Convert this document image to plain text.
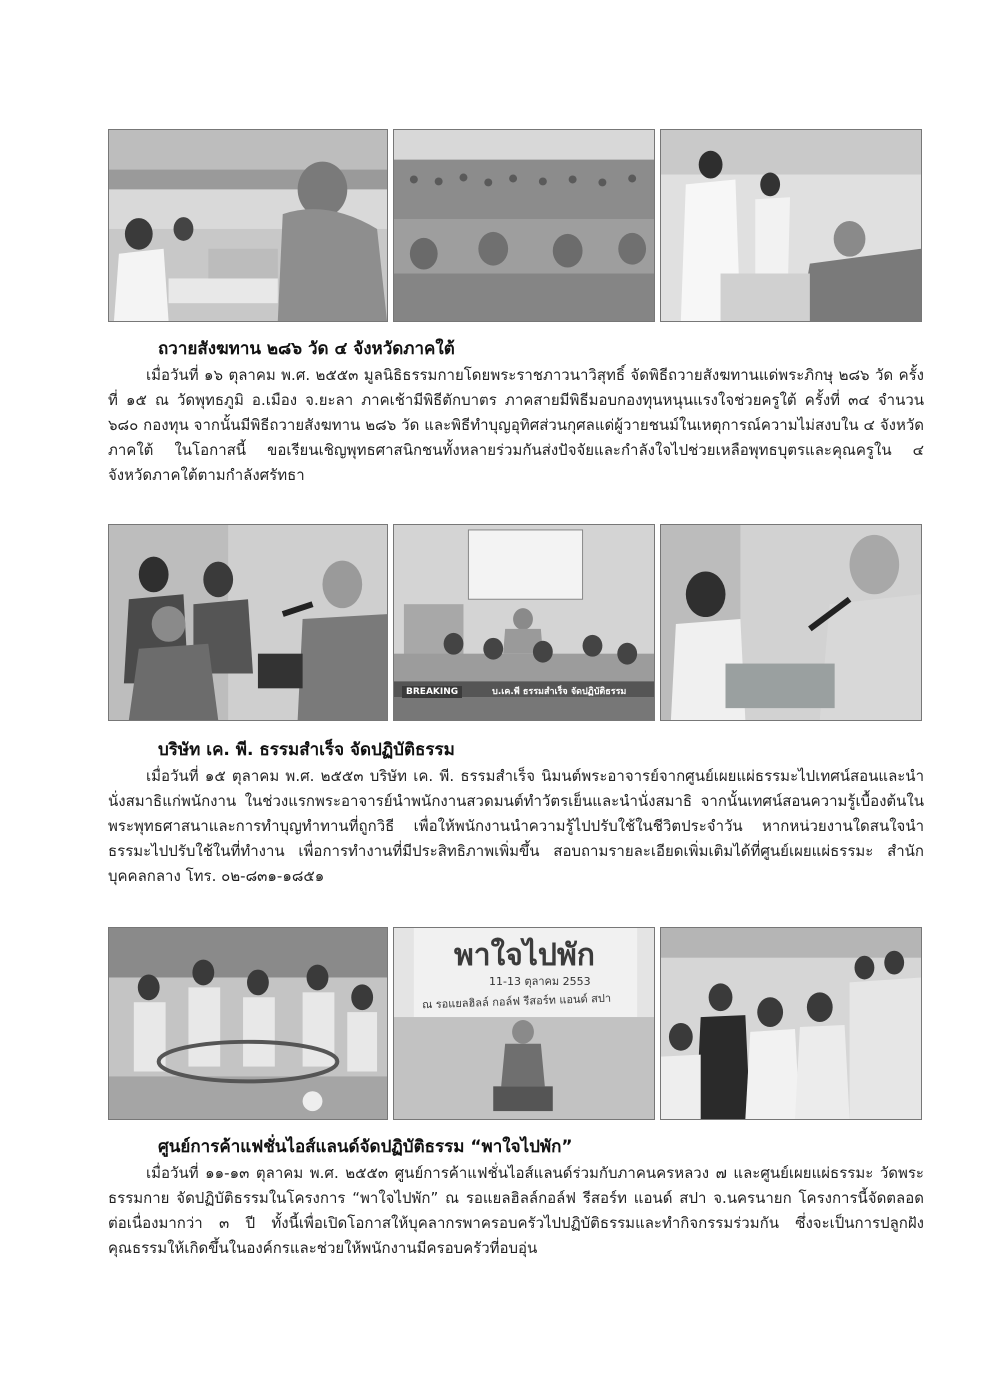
ถวายสังฆทาน ๒๘๖ วัด ๔ จังหวัดภาคใต้

เมื่อวันที่ ๑๖ ตุลาคม พ.ศ. ๒๕๕๓ มูลนิธิธรรมกายโดยพระราชภาวนาวิสุทธิ์ จัดพิธีถวายสังฆทานแด่พระภิกษุ ๒๘๖ วัด ครั้งที่ ๑๕ ณ วัดพุทธภูมิ อ.เมือง จ.ยะลา ภาคเช้ามีพิธีตักบาตร ภาคสายมีพิธีมอบกองทุนหนุนแรงใจช่วยครูใต้ ครั้งที่ ๓๔ จำนวน ๖๘๐ กองทุน จากนั้นมีพิธีถวายสังฆทาน ๒๘๖ วัด และพิธีทำบุญอุทิศส่วนกุศลแด่ผู้วายชนม์ในเหตุการณ์ความไม่สงบใน ๔ จังหวัดภาคใต้ ในโอกาสนี้ ขอเรียนเชิญพุทธศาสนิกชนทั้งหลายร่วมกันส่งปัจจัยและกำลังใจไปช่วยเหลือพุทธบุตรและคุณครูใน ๔ จังหวัดภาคใต้ตามกำลังศรัทธา

BREAKING	บ.เค.พี ธรรมสำเร็จ จัดปฏิบัติธรรม
บริษัท เค. พี. ธรรมสำเร็จ จัดปฏิบัติธรรม

เมื่อวันที่ ๑๕ ตุลาคม พ.ศ. ๒๕๕๓ บริษัท เค. พี. ธรรมสำเร็จ นิมนต์พระอาจารย์จากศูนย์เผยแผ่ธรรมะไปเทศน์สอนและนำนั่งสมาธิแก่พนักงาน ในช่วงแรกพระอาจารย์นำพนักงานสวดมนต์ทำวัตรเย็นและนำนั่งสมาธิ จากนั้นเทศน์สอนความรู้เบื้องต้นในพระพุทธศาสนาและการทำบุญทำทานที่ถูกวิธี เพื่อให้พนักงานนำความรู้ไปปรับใช้ในชีวิตประจำวัน หากหน่วยงานใดสนใจนำธรรมะไปปรับใช้ในที่ทำงาน เพื่อการทำงานที่มีประสิทธิภาพเพิ่มขึ้น สอบถามรายละเอียดเพิ่มเติมได้ที่ศูนย์เผยแผ่ธรรมะ สำนักบุคคลกลาง โทร. ๐๒-๘๓๑-๑๘๕๑

พาใจไปพัก
11-13 ตุลาคม 2553
ณ รอแยลฮิลล์ กอล์ฟ รีสอร์ท แอนด์ สปา
ศูนย์การค้าแฟชั่นไอส์แลนด์จัดปฏิบัติธรรม “พาใจไปพัก”

เมื่อวันที่ ๑๑-๑๓ ตุลาคม พ.ศ. ๒๕๕๓ ศูนย์การค้าแฟชั่นไอส์แลนด์ร่วมกับภาคนครหลวง ๗ และศูนย์เผยแผ่ธรรมะ วัดพระธรรมกาย จัดปฏิบัติธรรมในโครงการ “พาใจไปพัก” ณ รอแยลฮิลล์กอล์ฟ รีสอร์ท แอนด์ สปา จ.นครนายก โครงการนี้จัดตลอดต่อเนื่องมากว่า ๓ ปี ทั้งนี้เพื่อเปิดโอกาสให้บุคลากรพาครอบครัวไปปฏิบัติธรรมและทำกิจกรรมร่วมกัน ซึ่งจะเป็นการปลูกฝังคุณธรรมให้เกิดขึ้นในองค์กรและช่วยให้พนักงานมีครอบครัวที่อบอุ่น
